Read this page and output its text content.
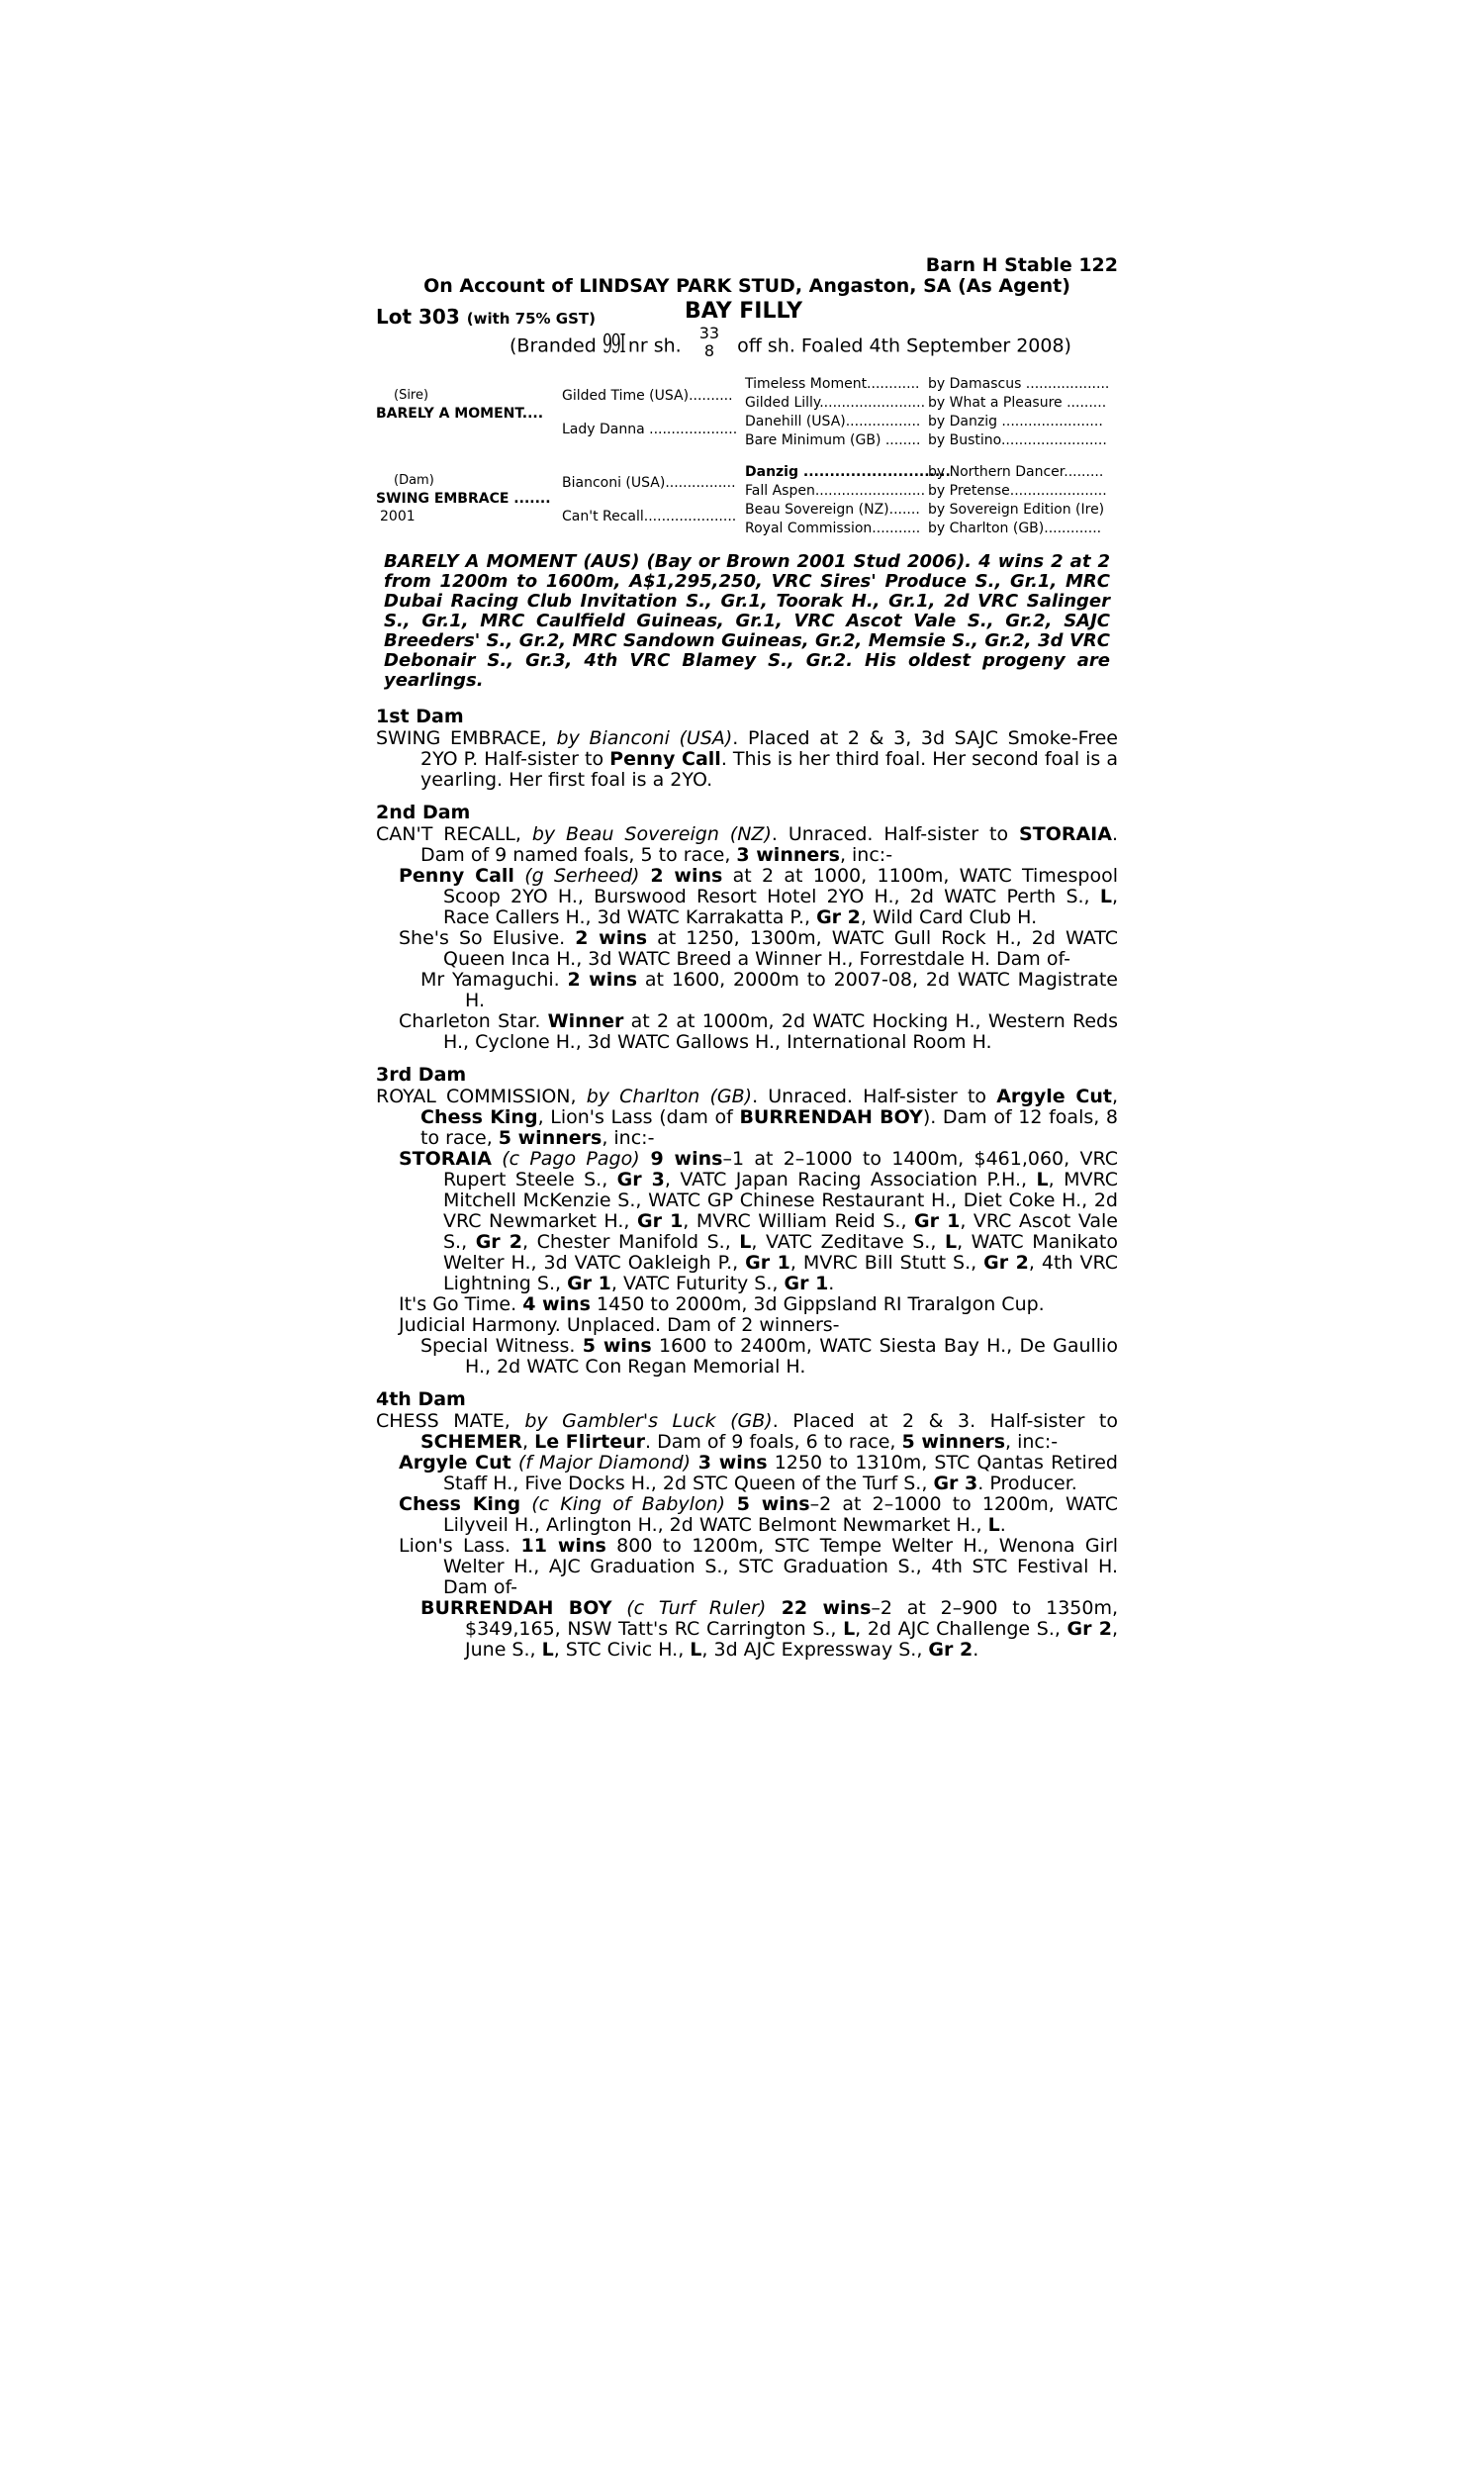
Barn H Stable 122
On Account of LINDSAY PARK STUD, Angaston, SA (As Agent)
Lot 303 (with 75% GST)	BAY FILLY
(Branded 99I nr sh. 33
8 off sh. Foaled 4th September 2008)
(Sire)
BARELY A MOMENT....
(Dam)
SWING EMBRACE .......
2001
Gilded Time (USA)..........
Lady Danna ....................
Bianconi (USA)................
Can't Recall.....................
Timeless Moment............
Gilded Lilly........................
Danehill (USA).................
Bare Minimum (GB) ........
Danzig ............................
Fall Aspen.........................
Beau Sovereign (NZ).......
Royal Commission...........
by Damascus ...................
by What a Pleasure .........
by Danzig .......................
by Bustino........................
by Northern Dancer.........
by Pretense......................
by Sovereign Edition (Ire)
by Charlton (GB).............
BARELY A MOMENT (AUS) (Bay or Brown 2001 Stud 2006). 4 wins 2 at 2 from 1200m to 1600m, A$1,295,250, VRC Sires' Produce S., Gr.1, MRC Dubai Racing Club Invitation S., Gr.1, Toorak H., Gr.1, 2d VRC Salinger S., Gr.1, MRC Caulfield Guineas, Gr.1, VRC Ascot Vale S., Gr.2, SAJC Breeders' S., Gr.2, MRC Sandown Guineas, Gr.2, Memsie S., Gr.2, 3d VRC Debonair S., Gr.3, 4th VRC Blamey S., Gr.2. His oldest progeny are yearlings.
1st Dam

SWING EMBRACE, by Bianconi (USA). Placed at 2 & 3, 3d SAJC Smoke-Free 2YO P. Half-sister to Penny Call. This is her third foal. Her second foal is a yearling. Her first foal is a 2YO.

2nd Dam

CAN'T RECALL, by Beau Sovereign (NZ). Unraced. Half-sister to STORAIA. Dam of 9 named foals, 5 to race, 3 winners, inc:-

Penny Call (g Serheed) 2 wins at 2 at 1000, 1100m, WATC Timespool Scoop 2YO H., Burswood Resort Hotel 2YO H., 2d WATC Perth S., L, Race Callers H., 3d WATC Karrakatta P., Gr 2, Wild Card Club H.

She's So Elusive. 2 wins at 1250, 1300m, WATC Gull Rock H., 2d WATC Queen Inca H., 3d WATC Breed a Winner H., Forrestdale H. Dam of-

Mr Yamaguchi. 2 wins at 1600, 2000m to 2007-08, 2d WATC Magistrate H.

Charleton Star. Winner at 2 at 1000m, 2d WATC Hocking H., Western Reds H., Cyclone H., 3d WATC Gallows H., International Room H.

3rd Dam

ROYAL COMMISSION, by Charlton (GB). Unraced. Half-sister to Argyle Cut, Chess King, Lion's Lass (dam of BURRENDAH BOY). Dam of 12 foals, 8 to race, 5 winners, inc:-

STORAIA (c Pago Pago) 9 wins–1 at 2–1000 to 1400m, $461,060, VRC Rupert Steele S., Gr 3, VATC Japan Racing Association P.H., L, MVRC Mitchell McKenzie S., WATC GP Chinese Restaurant H., Diet Coke H., 2d VRC Newmarket H., Gr 1, MVRC William Reid S., Gr 1, VRC Ascot Vale S., Gr 2, Chester Manifold S., L, VATC Zeditave S., L, WATC Manikato Welter H., 3d VATC Oakleigh P., Gr 1, MVRC Bill Stutt S., Gr 2, 4th VRC Lightning S., Gr 1, VATC Futurity S., Gr 1.

It's Go Time. 4 wins 1450 to 2000m, 3d Gippsland RI Traralgon Cup.

Judicial Harmony. Unplaced. Dam of 2 winners-

Special Witness. 5 wins 1600 to 2400m, WATC Siesta Bay H., De Gaullio H., 2d WATC Con Regan Memorial H.

4th Dam

CHESS MATE, by Gambler's Luck (GB). Placed at 2 & 3. Half-sister to SCHEMER, Le Flirteur. Dam of 9 foals, 6 to race, 5 winners, inc:-

Argyle Cut (f Major Diamond) 3 wins 1250 to 1310m, STC Qantas Retired Staff H., Five Docks H., 2d STC Queen of the Turf S., Gr 3. Producer.

Chess King (c King of Babylon) 5 wins–2 at 2–1000 to 1200m, WATC Lilyveil H., Arlington H., 2d WATC Belmont Newmarket H., L.

Lion's Lass. 11 wins 800 to 1200m, STC Tempe Welter H., Wenona Girl Welter H., AJC Graduation S., STC Graduation S., 4th STC Festival H. Dam of-

BURRENDAH BOY (c Turf Ruler) 22 wins–2 at 2–900 to 1350m, $349,165, NSW Tatt's RC Carrington S., L, 2d AJC Challenge S., Gr 2, June S., L, STC Civic H., L, 3d AJC Expressway S., Gr 2.
